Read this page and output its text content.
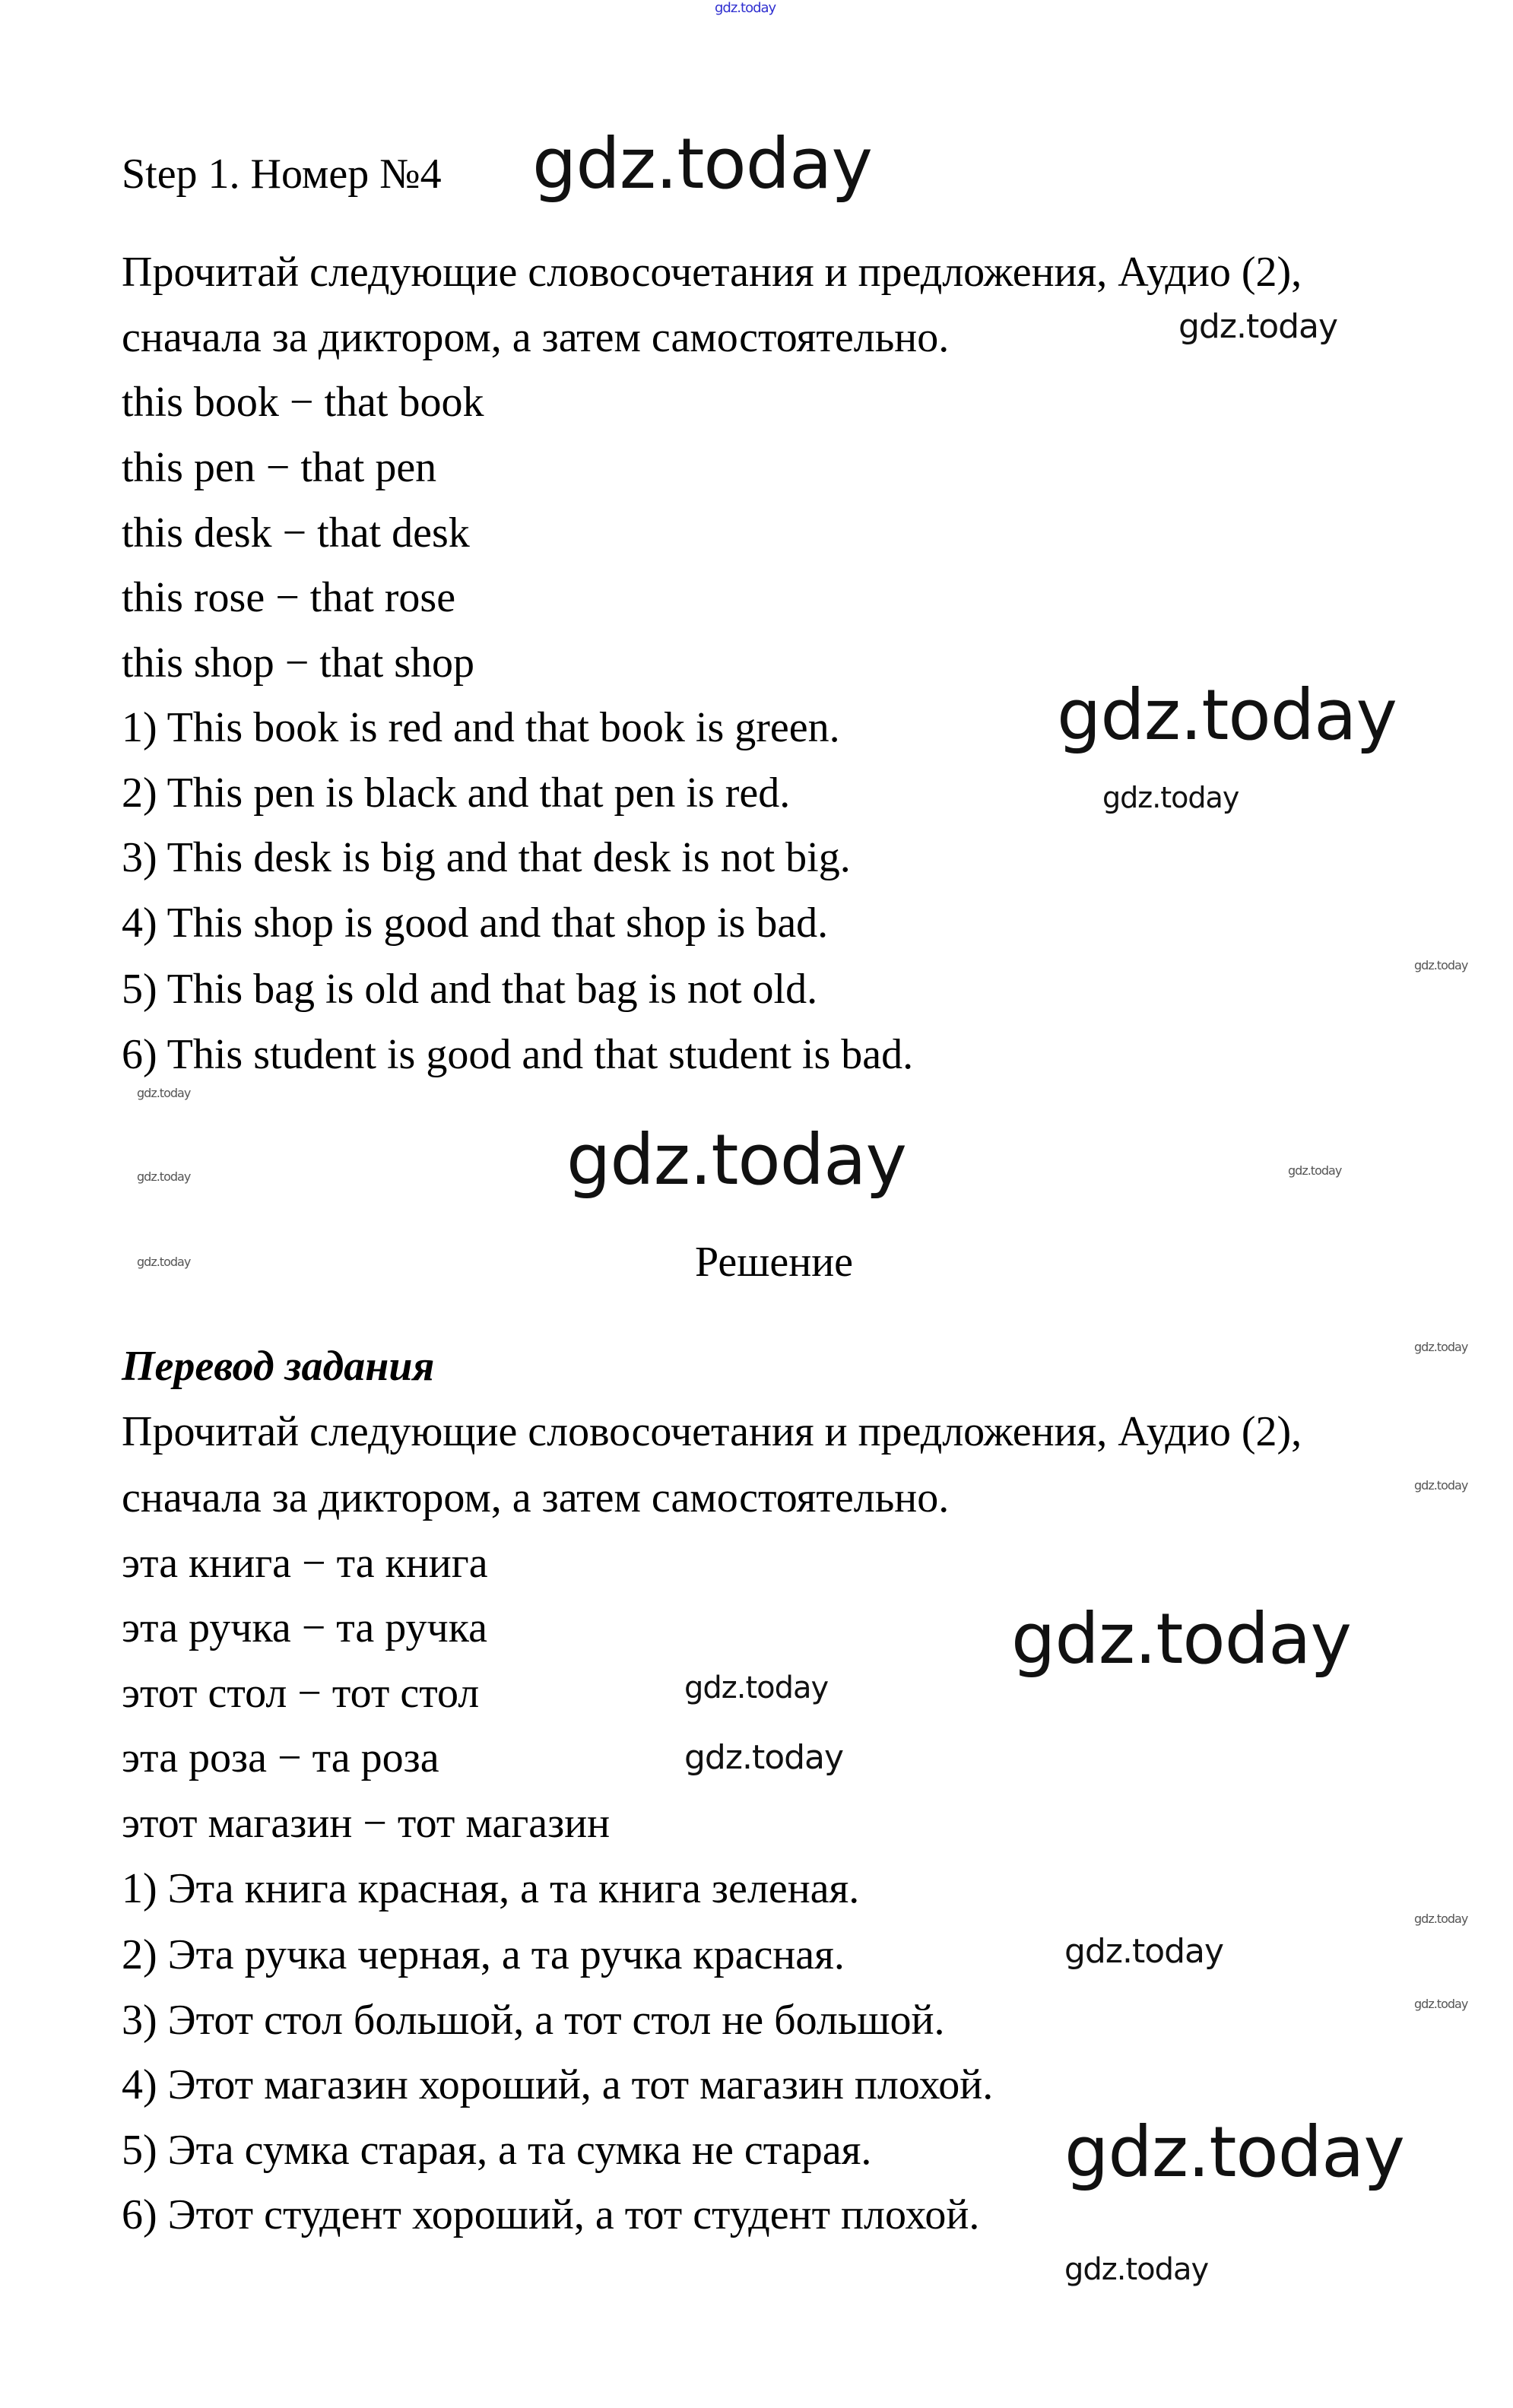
gdz.today
gdz.today
gdz.today
gdz.today
gdz.today
gdz.today
gdz.today
gdz.today	gdz.today
gdz.today
gdz.today
gdz.today
gdz.today
gdz.today
gdz.today
gdz.today
gdz.today
gdz.today
gdz.today
gdz.today
gdz.today
Step 1. Номер №4
Прочитай следующие словосочетания и предложения, Аудио (2),
сначала за диктором, а затем самостоятельно.
this book − that book
this pen − that pen
this desk − that desk
this rose − that rose
this shop − that shop
1) This book is red and that book is green.
2) This pen is black and that pen is red.
3) This desk is big and that desk is not big.
4) This shop is good and that shop is bad.
5) This bag is old and that bag is not old.
6) This student is good and that student is bad.
Решение
Перевод задания
Прочитай следующие словосочетания и предложения, Аудио (2),
сначала за диктором, а затем самостоятельно.
эта книга − та книга
эта ручка − та ручка
этот стол − тот стол
эта роза − та роза
этот магазин − тот магазин
1) Эта книга красная, а та книга зеленая.
2) Эта ручка черная, а та ручка красная.
3) Этот стол большой, а тот стол не большой.
4) Этот магазин хороший, а тот магазин плохой.
5) Эта сумка старая, а та сумка не старая.
6) Этот студент хороший, а тот студент плохой.
